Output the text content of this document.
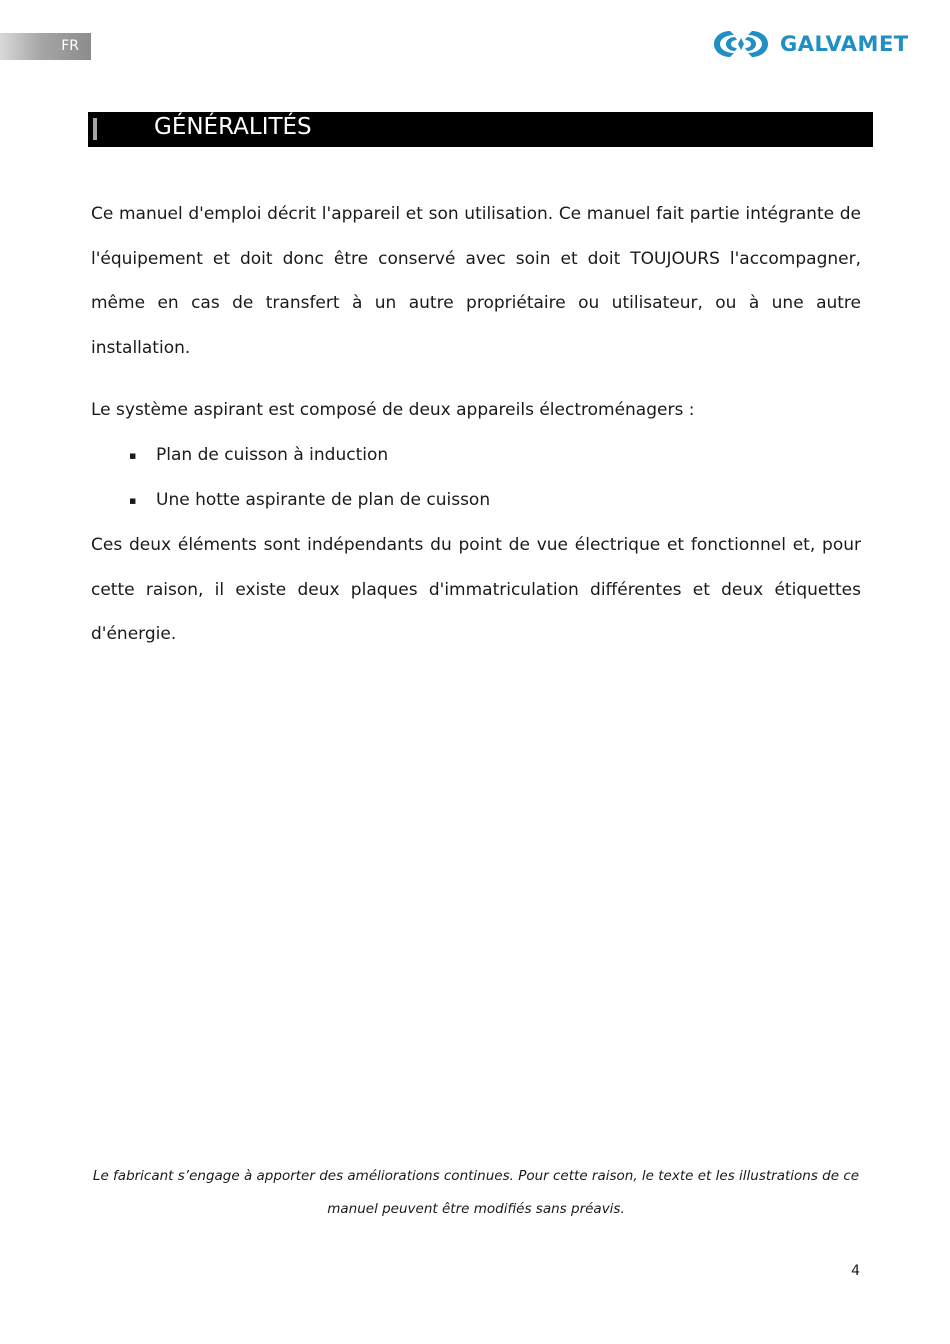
FR	GALVAMET
GÉNÉRALITÉS

Ce manuel d'emploi décrit l'appareil et son utilisation. Ce manuel fait partie intégrante de l'équipement et doit donc être conservé avec soin et doit TOUJOURS l'accompagner, même en cas de transfert à un autre propriétaire ou utilisateur, ou à une autre installation.

Le système aspirant est composé de deux appareils électroménagers :

▪ Plan de cuisson à induction
▪ Une hotte aspirante de plan de cuisson

Ces deux éléments sont indépendants du point de vue électrique et fonctionnel et, pour cette raison, il existe deux plaques d'immatriculation différentes et deux étiquettes d'énergie.

Le fabricant s’engage à apporter des améliorations continues. Pour cette raison, le texte et les illustrations de ce manuel peuvent être modifiés sans préavis.

4
